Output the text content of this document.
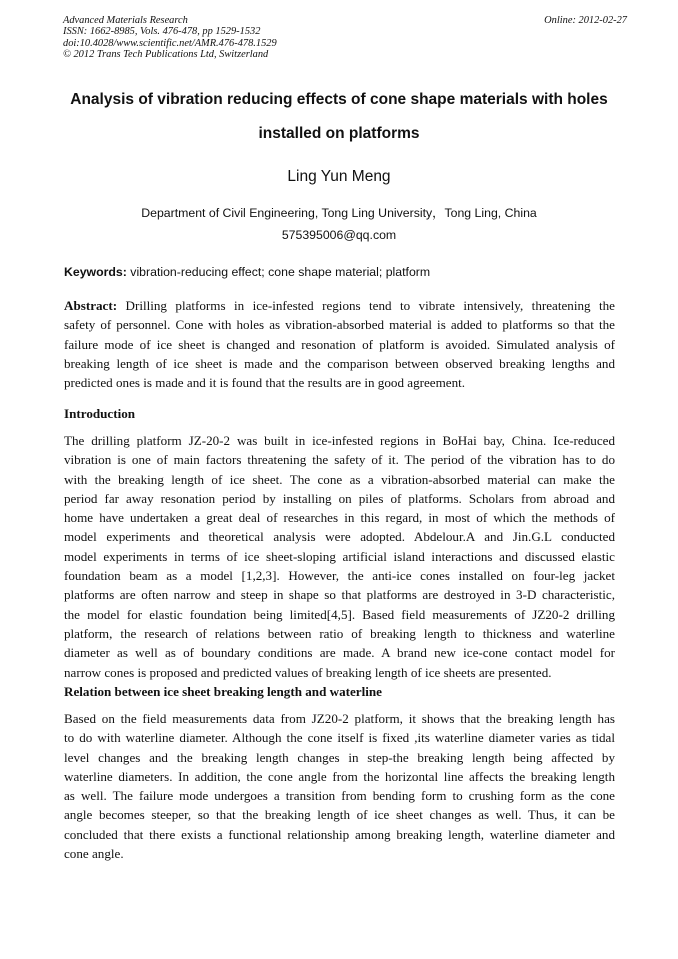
Advanced Materials Research
ISSN: 1662-8985, Vols. 476-478, pp 1529-1532
doi:10.4028/www.scientific.net/AMR.476-478.1529
© 2012 Trans Tech Publications Ltd, Switzerland
Online: 2012-02-27
Analysis of vibration reducing effects of cone shape materials with holes
installed on platforms
Ling Yun Meng
Department of Civil Engineering, Tong Ling University，Tong Ling, China
575395006@qq.com
Keywords: vibration-reducing effect; cone shape material; platform
Abstract: Drilling platforms in ice-infested regions tend to vibrate intensively, threatening the
safety of personnel. Cone with holes as vibration-absorbed material is added to platforms so that the
failure mode of ice sheet is changed and resonation of platform is avoided. Simulated analysis of
breaking length of ice sheet is made and the comparison between observed breaking lengths and
predicted ones is made and it is found that the results are in good agreement.
Introduction
The drilling platform JZ-20-2 was built in ice-infested regions in BoHai bay, China. Ice-reduced
vibration is one of main factors threatening the safety of it. The period of the vibration has to do
with the breaking length of ice sheet. The cone as a vibration-absorbed material can make the
period far away resonation period by installing on piles of platforms. Scholars from abroad and
home have undertaken a great deal of researches in this regard, in most of which the methods of
model experiments and theoretical analysis were adopted. Abdelour.A and Jin.G.L conducted
model experiments in terms of ice sheet-sloping artificial island interactions and discussed elastic
foundation beam as a model [1,2,3]. However, the anti-ice cones installed on four-leg jacket
platforms are often narrow and steep in shape so that platforms are destroyed in 3-D characteristic,
the model for elastic foundation being limited[4,5]. Based field measurements of JZ20-2 drilling
platform, the research of relations between ratio of breaking length to thickness and waterline
diameter as well as of boundary conditions are made. A brand new ice-cone contact model for
narrow cones is proposed and predicted values of breaking length of ice sheets are presented.
Relation between ice sheet breaking length and waterline
Based on the field measurements data from JZ20-2 platform, it shows that the breaking length has
to do with waterline diameter. Although the cone itself is fixed ,its waterline diameter varies as tidal
level changes and the breaking length changes in step-the breaking length being affected by
waterline diameters. In addition, the cone angle from the horizontal line affects the breaking length
as well. The failure mode undergoes a transition from bending form to crushing form as the cone
angle becomes steeper, so that the breaking length of ice sheet changes as well. Thus, it can be
concluded that there exists a functional relationship among breaking length, waterline diameter and
cone angle.
